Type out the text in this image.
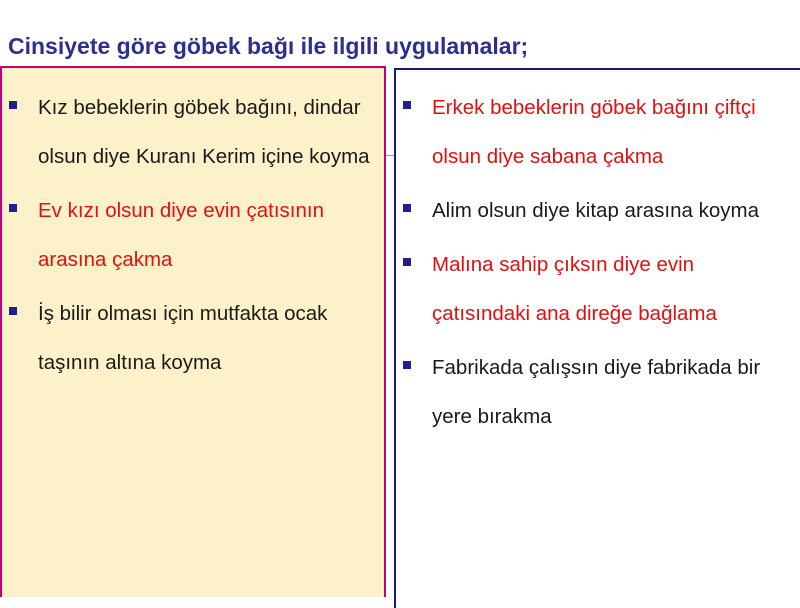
Cinsiyete göre göbek bağı ile ilgili uygulamalar;
Kız bebeklerin göbek bağını, dindar olsun diye Kuranı Kerim içine koyma
Ev kızı olsun diye evin çatısının arasına çakma
İş bilir olması için mutfakta ocak taşının altına koyma
Erkek bebeklerin göbek bağını çiftçi olsun diye sabana çakma
Alim olsun diye kitap arasına koyma
Malına sahip çıksın diye evin çatısındaki ana direğe bağlama
Fabrikada çalışsın diye fabrikada bir yere bırakma
